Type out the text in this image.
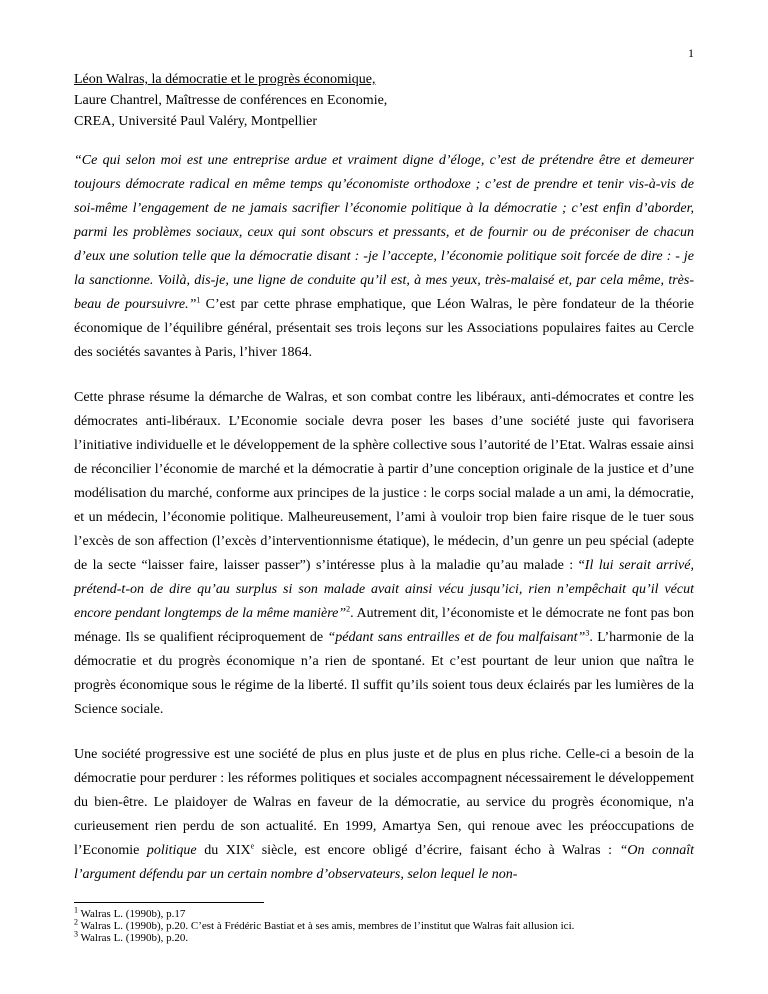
1
Léon Walras, la démocratie et le progrès économique,
Laure Chantrel, Maîtresse de conférences en Economie,
CREA, Université Paul Valéry, Montpellier

“Ce qui selon moi est une entreprise ardue et vraiment digne d’éloge, c’est de prétendre être et demeurer toujours démocrate radical en même temps qu’économiste orthodoxe ; c’est de prendre et tenir vis-à-vis de soi-même l’engagement de ne jamais sacrifier l’économie politique à la démocratie ; c’est enfin d’aborder, parmi les problèmes sociaux, ceux qui sont obscurs et pressants, et de fournir ou de préconiser de chacun d’eux une solution telle que la démocratie disant : -je l’accepte, l’économie politique soit forcée de dire : - je la sanctionne. Voilà, dis-je, une ligne de conduite qu’il est, à mes yeux, très-malaisé et, par cela même, très-beau de poursuivre.”$^1$ C’est par cette phrase emphatique, que Léon Walras, le père fondateur de la théorie économique de l’équilibre général, présentait ses trois leçons sur les Associations populaires faites au Cercle des sociétés savantes à Paris, l’hiver 1864.

Cette phrase résume la démarche de Walras, et son combat contre les libéraux, anti-démocrates et contre les démocrates anti-libéraux. L’Economie sociale devra poser les bases d’une société juste qui favorisera l’initiative individuelle et le développement de la sphère collective sous l’autorité de l’Etat. Walras essaie ainsi de réconcilier l’économie de marché et la démocratie à partir d’une conception originale de la justice et d’une modélisation du marché, conforme aux principes de la justice : le corps social malade a un ami, la démocratie, et un médecin, l’économie politique. Malheureusement, l’ami à vouloir trop bien faire risque de le tuer sous l’excès de son affection (l’excès d’interventionnisme étatique), le médecin, d’un genre un peu spécial (adepte de la secte “laisser faire, laisser passer”) s’intéresse plus à la maladie qu’au malade : “Il lui serait arrivé, prétend-t-on de dire qu’au surplus si son malade avait ainsi vécu jusqu’ici, rien n’empêchait qu’il vécut encore pendant longtemps de la même manière”$^2$. Autrement dit, l’économiste et le démocrate ne font pas bon ménage. Ils se qualifient réciproquement de “pédant sans entrailles et de fou malfaisant”$^3$. L’harmonie de la démocratie et du progrès économique n’a rien de spontané. Et c’est pourtant de leur union que naîtra le progrès économique sous le régime de la liberté. Il suffit qu’ils soient tous deux éclairés par les lumières de la Science sociale.

Une société progressive est une société de plus en plus juste et de plus en plus riche. Celle-ci a besoin de la démocratie pour perdurer : les réformes politiques et sociales accompagnent nécessairement le développement du bien-être. Le plaidoyer de Walras en faveur de la démocratie, au service du progrès économique, n'a curieusement rien perdu de son actualité. En 1999, Amartya Sen, qui renoue avec les préoccupations de l’Economie politique du XIXe siècle, est encore obligé d’écrire, faisant écho à Walras : “On connaît l’argument défendu par un certain nombre d’observateurs, selon lequel le non-

$^1$ Walras L. (1990b), p.17
$^2$ Walras L. (1990b), p.20. C’est à Frédéric Bastiat et à ses amis, membres de l’institut que Walras fait allusion ici.
$^3$ Walras L. (1990b), p.20.
